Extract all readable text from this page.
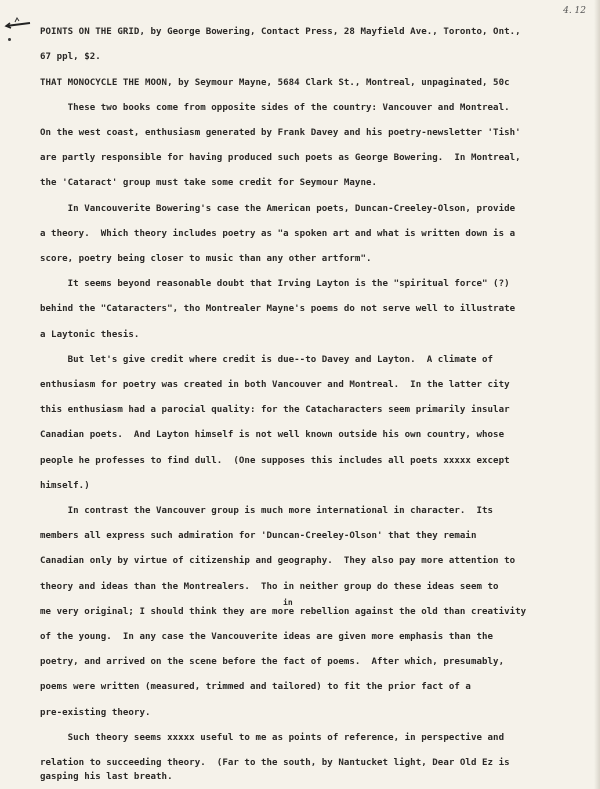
4. 12
POINTS ON THE GRID, by George Bowering, Contact Press, 28 Mayfield Ave., Toronto, Ont.,
67 ppl, $2.
THAT MONOCYCLE THE MOON, by Seymour Mayne, 5684 Clark St., Montreal, unpaginated, 50c
These two books come from opposite sides of the country: Vancouver and Montreal.
On the west coast, enthusiasm generated by Frank Davey and his poetry-newsletter 'Tish'
are partly responsible for having produced such poets as George Bowering.  In Montreal,
the 'Cataract' group must take some credit for Seymour Mayne.
In Vancouverite Bowering's case the American poets, Duncan-Creeley-Olson, provide
a theory.  Which theory includes poetry as "a spoken art and what is written down is a
score, poetry being closer to music than any other artform".
It seems beyond reasonable doubt that Irving Layton is the "spiritual force" (?)
behind the "Cataracters", tho Montrealer Mayne's poems do not serve well to illustrate
a Laytonic thesis.
But let's give credit where credit is due--to Davey and Layton.  A climate of
enthusiasm for poetry was created in both Vancouver and Montreal.  In the latter city
this enthusiasm had a parocial quality: for the Catacharacters seem primarily insular
Canadian poets.  And Layton himself is not well known outside his own country, whose
people he professes to find dull.  (One supposes this includes all poets xxxxx except
himself.)
In contrast the Vancouver group is much more international in character.  Its
members all express such admiration for 'Duncan-Creeley-Olson' that they remain
Canadian only by virtue of citizenship and geography.  They also pay more attention to
theory and ideas than the Montrealers.  Tho in neither group do these ideas seem to
in
me very original; I should think they are more rebellion against the old than creativity
of the young.  In any case the Vancouverite ideas are given more emphasis than the
poetry, and arrived on the scene before the fact of poems.  After which, presumably,
poems were written (measured, trimmed and tailored) to fit the prior fact of a
pre-existing theory.
Such theory seems xxxxx useful to me as points of reference, in perspective and
relation to succeeding theory.  (Far to the south, by Nantucket light, Dear Old Ez is
gasping his last breath.
